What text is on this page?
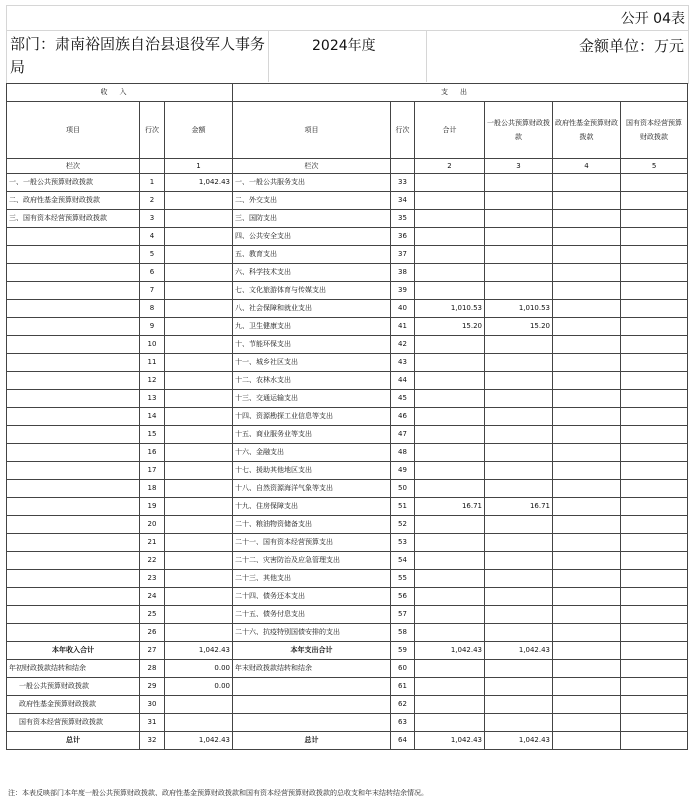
公开 04表
部门：肃南裕固族自治县退役军人事务局
2024年度	金额单位：万元
收入			支出					
项目	行次	金额	项目	行次	合计	一般公共预算财政拨款	政府性基金预算财政拨款	国有资本经营预算财政拨款
栏次		1	栏次		2	3	4	5
一、一般公共预算财政拨款	1	1,042.43	一、一般公共服务支出	33				
二、政府性基金预算财政拨款	2		二、外交支出	34				
三、国有资本经营预算财政拨款	3		三、国防支出	35				
	4		四、公共安全支出	36				
	5		五、教育支出	37				
	6		六、科学技术支出	38				
	7		七、文化旅游体育与传媒支出	39				
	8		八、社会保障和就业支出	40	1,010.53	1,010.53		
	9		九、卫生健康支出	41	15.20	15.20		
	10		十、节能环保支出	42				
	11		十一、城乡社区支出	43				
	12		十二、农林水支出	44				
	13		十三、交通运输支出	45				
	14		十四、资源勘探工业信息等支出	46				
	15		十五、商业服务业等支出	47				
	16		十六、金融支出	48				
	17		十七、援助其他地区支出	49				
	18		十八、自然资源海洋气象等支出	50				
	19		十九、住房保障支出	51	16.71	16.71		
	20		二十、粮油物资储备支出	52				
	21		二十一、国有资本经营预算支出	53				
	22		二十二、灾害防治及应急管理支出	54				
	23		二十三、其他支出	55				
	24		二十四、债务还本支出	56				
	25		二十五、债务付息支出	57				
	26		二十六、抗疫特别国债安排的支出	58				
本年收入合计	27	1,042.43	本年支出合计	59	1,042.43	1,042.43		
年初财政拨款结转和结余	28	0.00	年末财政拨款结转和结余	60				
一般公共预算财政拨款	29	0.00		61				
政府性基金预算财政拨款	30			62				
国有资本经营预算财政拨款	31			63				
总计	32	1,042.43	总计	64	1,042.43	1,042.43		
注：本表反映部门本年度一般公共预算财政拨款、政府性基金预算财政拨款和国有资本经营预算财政拨款的总收支和年末结转结余情况。
